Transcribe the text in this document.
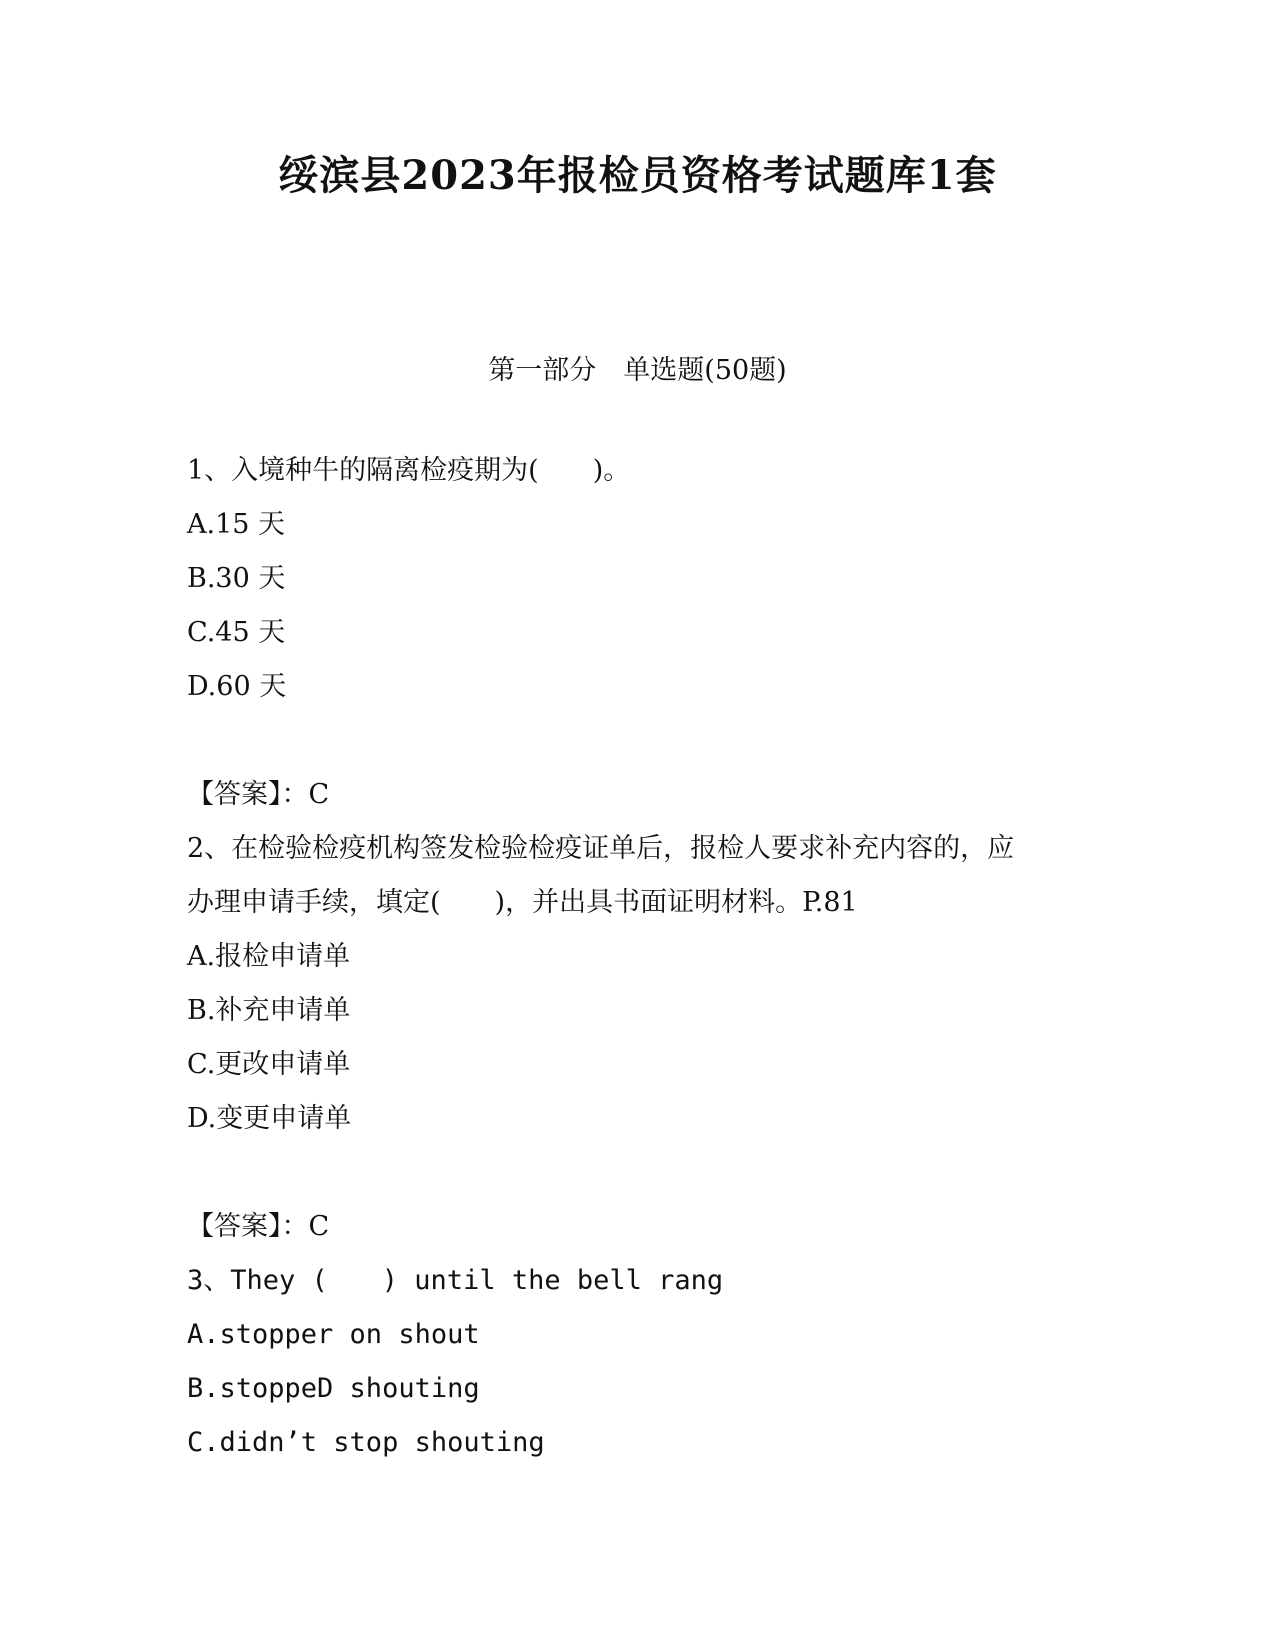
绥滨县2023年报检员资格考试题库1套
第一部分　单选题(50题)
1、入境种牛的隔离检疫期为(　　)。
A.15 天
B.30 天
C.45 天
D.60 天
【答案】：C
2、在检验检疫机构签发检验检疫证单后，报检人要求补充内容的，应
办理申请手续，填定(　　)，并出具书面证明材料。P.81
A.报检申请单
B.补充申请单
C.更改申请单
D.变更申请单
【答案】：C
3、They (　　) until the bell rang
A.stopper on shout
B.stoppeD shouting
C.didn’t stop shouting
